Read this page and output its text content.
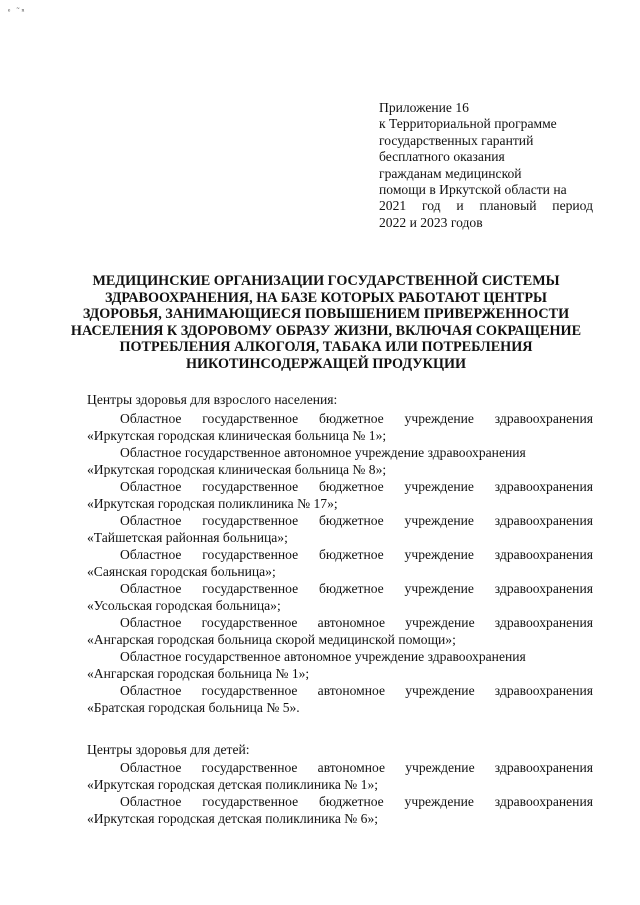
ᵉ ˜ⁿ
Приложение 16
к Территориальной программе
государственных гарантий
бесплатного оказания
гражданам медицинской
помощи в Иркутской области на
2021 год и плановый период
2022 и 2023 годов
МЕДИЦИНСКИЕ ОРГАНИЗАЦИИ ГОСУДАРСТВЕННОЙ СИСТЕМЫ
ЗДРАВООХРАНЕНИЯ, НА БАЗЕ КОТОРЫХ РАБОТАЮТ ЦЕНТРЫ
ЗДОРОВЬЯ, ЗАНИМАЮЩИЕСЯ ПОВЫШЕНИЕМ ПРИВЕРЖЕННОСТИ
НАСЕЛЕНИЯ К ЗДОРОВОМУ ОБРАЗУ ЖИЗНИ, ВКЛЮЧАЯ СОКРАЩЕНИЕ
ПОТРЕБЛЕНИЯ АЛКОГОЛЯ, ТАБАКА ИЛИ ПОТРЕБЛЕНИЯ
НИКОТИНСОДЕРЖАЩЕЙ ПРОДУКЦИИ
Центры здоровья для взрослого населения:
Областное государственное бюджетное учреждение здравоохранения
«Иркутская городская клиническая больница № 1»;
Областное государственное автономное учреждение здравоохранения
«Иркутская городская клиническая больница № 8»;
Областное государственное бюджетное учреждение здравоохранения
«Иркутская городская поликлиника № 17»;
Областное государственное бюджетное учреждение здравоохранения
«Тайшетская районная больница»;
Областное государственное бюджетное учреждение здравоохранения
«Саянская городская больница»;
Областное государственное бюджетное учреждение здравоохранения
«Усольская городская больница»;
Областное государственное автономное учреждение здравоохранения
«Ангарская городская больница скорой медицинской помощи»;
Областное государственное автономное учреждение здравоохранения
«Ангарская городская больница № 1»;
Областное государственное автономное учреждение здравоохранения
«Братская городская больница № 5».
Центры здоровья для детей:
Областное государственное автономное учреждение здравоохранения
«Иркутская городская детская поликлиника № 1»;
Областное государственное бюджетное учреждение здравоохранения
«Иркутская городская детская поликлиника № 6»;
